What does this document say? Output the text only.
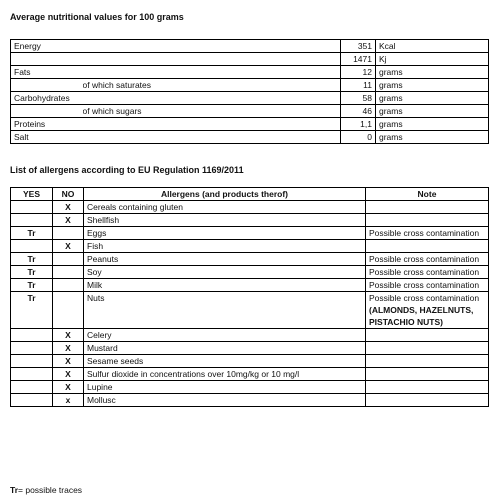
Average nutritional values for 100 grams
Energy		351	Kcal
		1471	Kj
Fats		12	grams
	of which saturates	11	grams
Carbohydrates		58	grams
	of which sugars	46	grams
Proteins		1,1	grams
Salt		0	grams
List of allergens according to EU Regulation 1169/2011
YES	NO	Allergens (and products therof)	Note
	X	Cereals containing gluten	
	X	Shellfish	
Tr		Eggs	Possible cross contamination
	X	Fish	
Tr		Peanuts	Possible cross contamination
Tr		Soy	Possible cross contamination
Tr		Milk	Possible cross contamination
Tr		Nuts	Possible cross contamination
(ALMONDS, HAZELNUTS, PISTACHIO NUTS)

	X	Celery	
	X	Mustard	
	X	Sesame seeds	
	X	Sulfur dioxide in concentrations over 10mg/kg or 10 mg/l	
	X	Lupine	
	x	Mollusc	
Tr= possible traces
